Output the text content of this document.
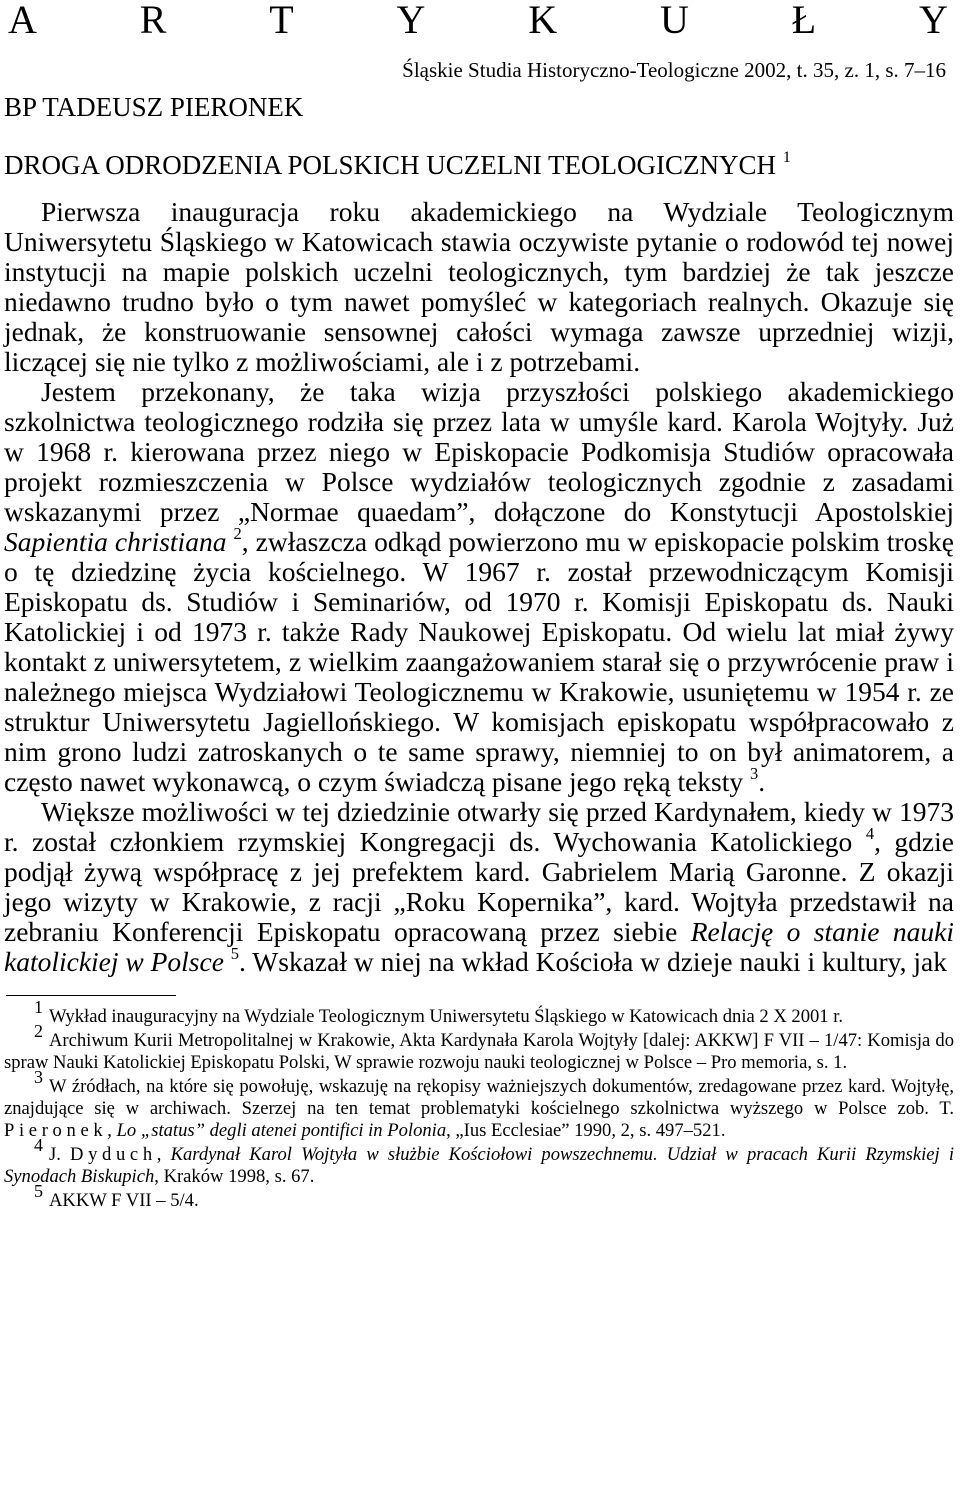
A	R	T	Y	K	U	Ł	Y
Śląskie Studia Historyczno-Teologiczne 2002, t. 35, z. 1, s. 7–16
BP TADEUSZ PIERONEK
DROGA ODRODZENIA POLSKICH UCZELNI TEOLOGICZNYCH $^1$

Pierwsza inauguracja roku akademickiego na Wydziale Teologicznym Uniwersytetu Śląskiego w Katowicach stawia oczywiste pytanie o rodowód tej nowej instytucji na mapie polskich uczelni teologicznych, tym bardziej że tak jeszcze niedawno trudno było o tym nawet pomyśleć w kategoriach realnych. Okazuje się jednak, że konstruowanie sensownej całości wymaga zawsze uprzedniej wizji, liczącej się nie tylko z możliwościami, ale i z potrzebami.

Jestem przekonany, że taka wizja przyszłości polskiego akademickiego szkolnictwa teologicznego rodziła się przez lata w umyśle kard. Karola Wojtyły. Już w 1968 r. kierowana przez niego w Episkopacie Podkomisja Studiów opracowała projekt rozmieszczenia w Polsce wydziałów teologicznych zgodnie z zasadami wskazanymi przez „Normae quaedam”, dołączone do Konstytucji Apostolskiej Sapientia christiana $^2$, zwłaszcza odkąd powierzono mu w episkopacie polskim troskę o tę dziedzinę życia kościelnego. W 1967 r. został przewodniczącym Komisji Episkopatu ds. Studiów i Seminariów, od 1970 r. Komisji Episkopatu ds. Nauki Katolickiej i od 1973 r. także Rady Naukowej Episkopatu. Od wielu lat miał żywy kontakt z uniwersytetem, z wielkim zaangażowaniem starał się o przywrócenie praw i należnego miejsca Wydziałowi Teologicznemu w Krakowie, usuniętemu w 1954 r. ze struktur Uniwersytetu Jagiellońskiego. W komisjach episkopatu współpracowało z nim grono ludzi zatroskanych o te same sprawy, niemniej to on był animatorem, a często nawet wykonawcą, o czym świadczą pisane jego ręką teksty $^3$.

Większe możliwości w tej dziedzinie otwarły się przed Kardynałem, kiedy w 1973 r. został członkiem rzymskiej Kongregacji ds. Wychowania Katolickiego $^4$, gdzie podjął żywą współpracę z jej prefektem kard. Gabrielem Marią Garonne. Z okazji jego wizyty w Krakowie, z racji „Roku Kopernika”, kard. Wojtyła przedstawił na zebraniu Konferencji Episkopatu opracowaną przez siebie Relację o stanie nauki katolickiej w Polsce $^5$. Wskazał w niej na wkład Kościoła w dzieje nauki i kultury, jak

$^1$ Wykład inauguracyjny na Wydziale Teologicznym Uniwersytetu Śląskiego w Katowicach dnia 2 X 2001 r.

$^2$ Archiwum Kurii Metropolitalnej w Krakowie, Akta Kardynała Karola Wojtyły [dalej: AKKW] F VII – 1/47: Komisja do spraw Nauki Katolickiej Episkopatu Polski, W sprawie rozwoju nauki teologicznej w Polsce – Pro memoria, s. 1.

$^3$ W źródłach, na które się powołuję, wskazuję na rękopisy ważniejszych dokumentów, zredagowane przez kard. Wojtyłę, znajdujące się w archiwach. Szerzej na ten temat problematyki kościelnego szkolnictwa wyższego w Polsce zob. T. Pieronek, Lo „status” degli atenei pontifici in Polonia, „Ius Ecclesiae” 1990, 2, s. 497–521.

$^4$ J. Dyduch, Kardynał Karol Wojtyła w służbie Kościołowi powszechnemu. Udział w pracach Kurii Rzymskiej i Synodach Biskupich, Kraków 1998, s. 67.

$^5$ AKKW F VII – 5/4.
